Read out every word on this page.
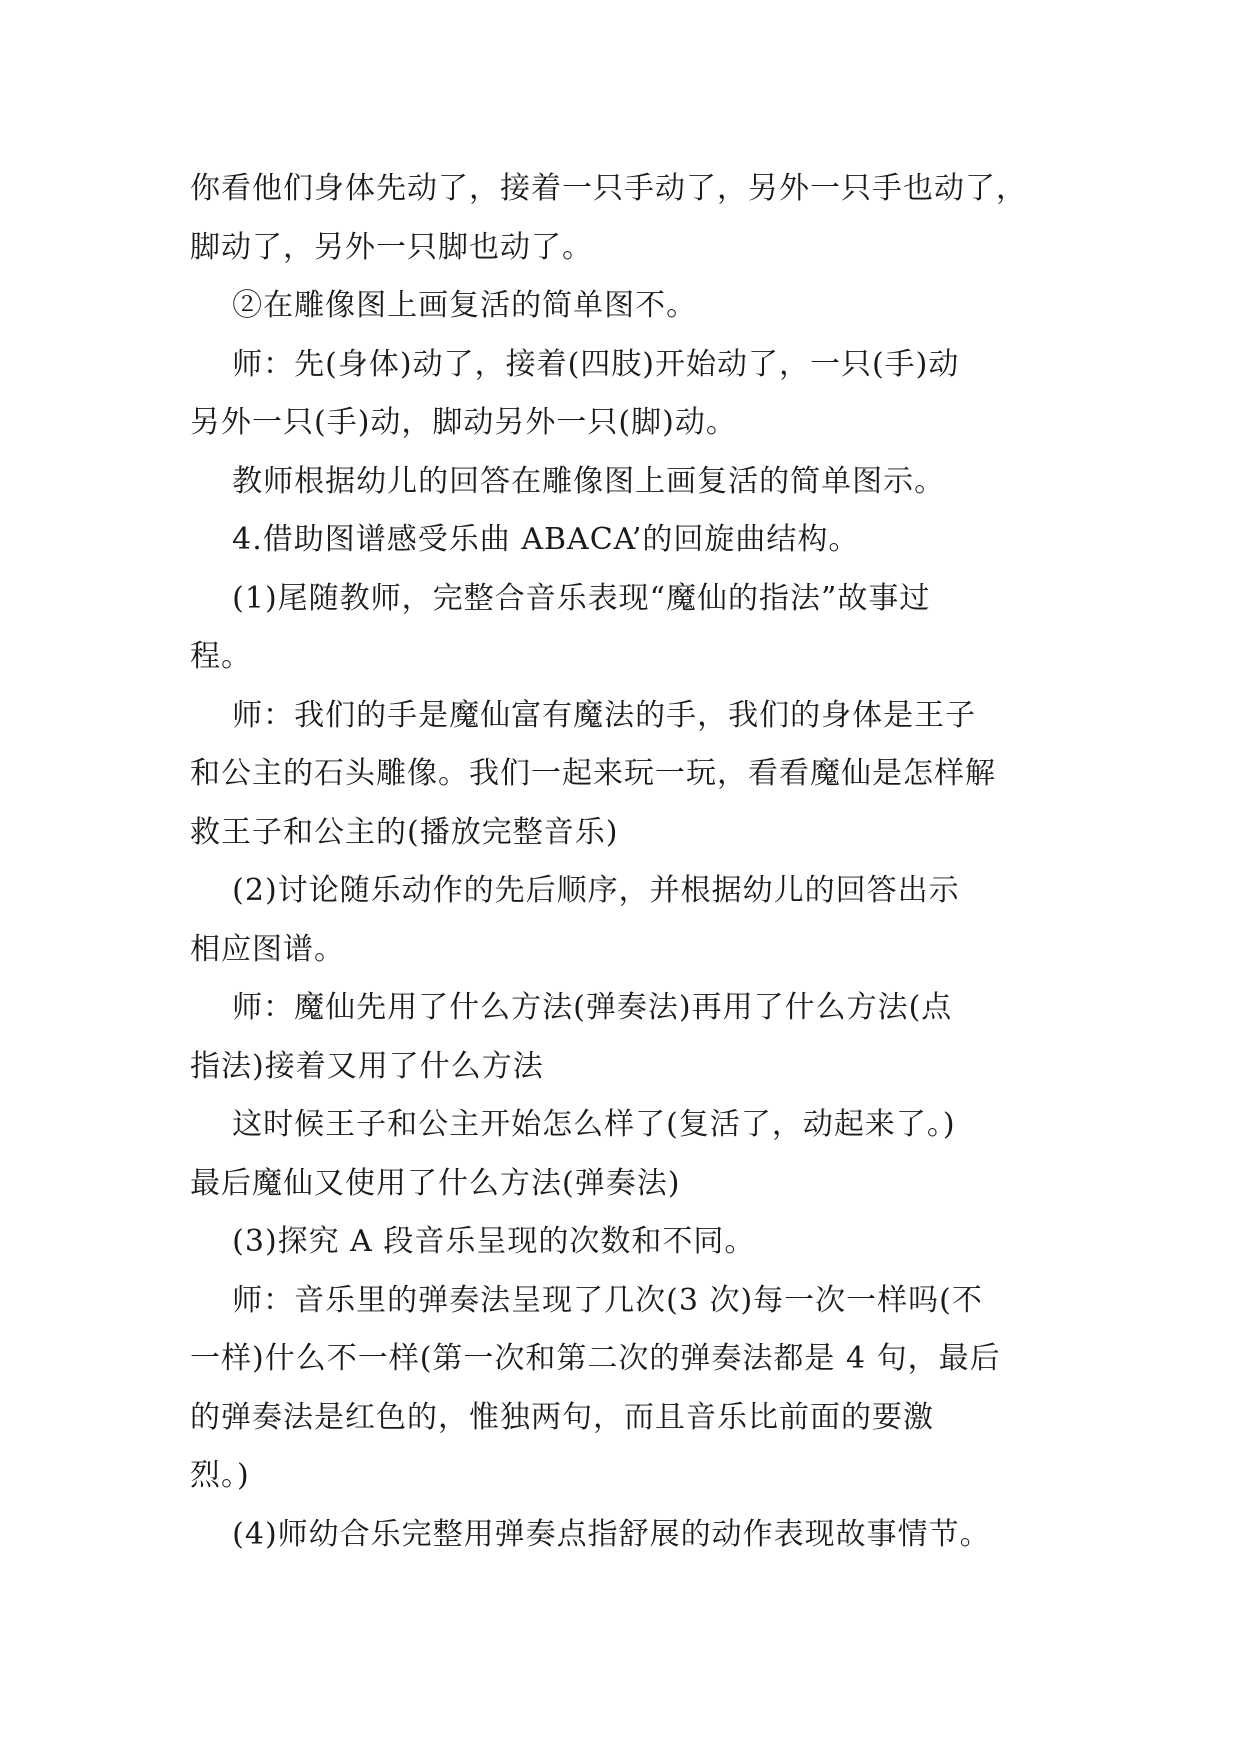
你看他们身体先动了，接着一只手动了，另外一只手也动了，

脚动了，另外一只脚也动了。

②在雕像图上画复活的简单图不。

师：先(身体)动了，接着(四肢)开始动了，一只(手)动

另外一只(手)动，脚动另外一只(脚)动。

教师根据幼儿的回答在雕像图上画复活的简单图示。

4.借助图谱感受乐曲 ABACA’的回旋曲结构。

(1)尾随教师，完整合音乐表现“魔仙的指法”故事过

程。

师：我们的手是魔仙富有魔法的手，我们的身体是王子

和公主的石头雕像。我们一起来玩一玩，看看魔仙是怎样解

救王子和公主的(播放完整音乐)

(2)讨论随乐动作的先后顺序，并根据幼儿的回答出示

相应图谱。

师：魔仙先用了什么方法(弹奏法)再用了什么方法(点

指法)接着又用了什么方法

这时候王子和公主开始怎么样了(复活了，动起来了。)

最后魔仙又使用了什么方法(弹奏法)

(3)探究 A 段音乐呈现的次数和不同。

师：音乐里的弹奏法呈现了几次(3 次)每一次一样吗(不

一样)什么不一样(第一次和第二次的弹奏法都是 4 句，最后

的弹奏法是红色的，惟独两句，而且音乐比前面的要激

烈。)

(4)师幼合乐完整用弹奏点指舒展的动作表现故事情节。
